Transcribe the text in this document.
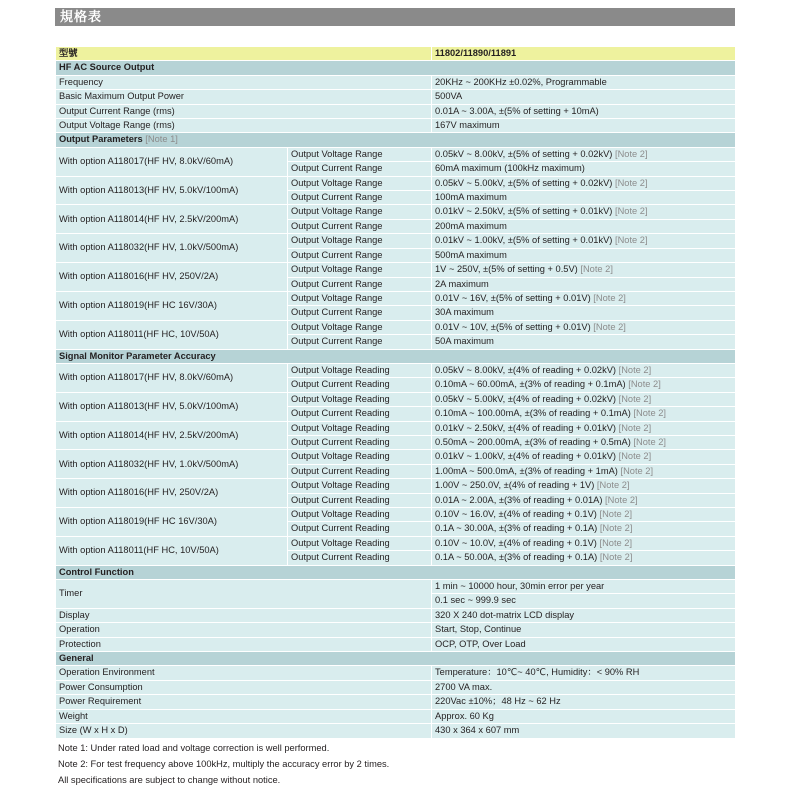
規格表
型號		11802/11890/11891
HF AC Source Output		
Frequency		20KHz ~ 200KHz ±0.02%, Programmable
Basic Maximum Output Power		500VA
Output Current Range (rms)		0.01A ~ 3.00A, ±(5% of setting + 10mA)
Output Voltage Range (rms)		167V maximum
Output Parameters [Note 1]		
With option A118017(HF HV, 8.0kV/60mA)	Output Voltage Range	0.05kV ~ 8.00kV, ±(5% of setting + 0.02kV) [Note 2]
	Output Current Range	60mA maximum (100kHz maximum)
With option A118013(HF HV, 5.0kV/100mA)	Output Voltage Range	0.05kV ~ 5.00kV, ±(5% of setting + 0.02kV) [Note 2]
	Output Current Range	100mA maximum
With option A118014(HF HV, 2.5kV/200mA)	Output Voltage Range	0.01kV ~ 2.50kV, ±(5% of setting + 0.01kV) [Note 2]
	Output Current Range	200mA maximum
With option A118032(HF HV, 1.0kV/500mA)	Output Voltage Range	0.01kV ~ 1.00kV, ±(5% of setting + 0.01kV) [Note 2]
	Output Current Range	500mA maximum
With option A118016(HF HV, 250V/2A)	Output Voltage Range	1V ~ 250V, ±(5% of setting + 0.5V) [Note 2]
	Output Current Range	2A maximum
With option A118019(HF HC 16V/30A)	Output Voltage Range	0.01V ~ 16V, ±(5% of setting + 0.01V) [Note 2]
	Output Current Range	30A maximum
With option A118011(HF HC, 10V/50A)	Output Voltage Range	0.01V ~ 10V, ±(5% of setting + 0.01V) [Note 2]
	Output Current Range	50A maximum
Signal Monitor Parameter Accuracy		
With option A118017(HF HV, 8.0kV/60mA)	Output Voltage Reading	0.05kV ~ 8.00kV, ±(4% of reading + 0.02kV) [Note 2]
	Output Current Reading	0.10mA ~ 60.00mA, ±(3% of reading + 0.1mA) [Note 2]
With option A118013(HF HV, 5.0kV/100mA)	Output Voltage Reading	0.05kV ~ 5.00kV, ±(4% of reading + 0.02kV) [Note 2]
	Output Current Reading	0.10mA ~ 100.00mA, ±(3% of reading + 0.1mA) [Note 2]
With option A118014(HF HV, 2.5kV/200mA)	Output Voltage Reading	0.01kV ~ 2.50kV, ±(4% of reading + 0.01kV) [Note 2]
	Output Current Reading	0.50mA ~ 200.00mA, ±(3% of reading + 0.5mA) [Note 2]
With option A118032(HF HV, 1.0kV/500mA)	Output Voltage Reading	0.01kV ~ 1.00kV, ±(4% of reading + 0.01kV) [Note 2]
	Output Current Reading	1.00mA ~ 500.0mA, ±(3% of reading + 1mA) [Note 2]
With option A118016(HF HV, 250V/2A)	Output Voltage Reading	1.00V ~ 250.0V, ±(4% of reading + 1V) [Note 2]
	Output Current Reading	0.01A ~ 2.00A, ±(3% of reading + 0.01A) [Note 2]
With option A118019(HF HC 16V/30A)	Output Voltage Reading	0.10V ~ 16.0V, ±(4% of reading + 0.1V) [Note 2]
	Output Current Reading	0.1A ~ 30.00A, ±(3% of reading + 0.1A) [Note 2]
With option A118011(HF HC, 10V/50A)	Output Voltage Reading	0.10V ~ 10.0V, ±(4% of reading + 0.1V) [Note 2]
	Output Current Reading	0.1A ~ 50.00A, ±(3% of reading + 0.1A) [Note 2]
Control Function		
Timer		1 min ~ 10000 hour, 30min error per year
		0.1 sec ~ 999.9 sec
Display		320 X 240 dot-matrix LCD display
Operation		Start, Stop, Continue
Protection		OCP, OTP, Over Load
General		
Operation Environment		Temperature：10℃~ 40℃, Humidity：< 90% RH
Power Consumption		2700 VA max.
Power Requirement		220Vac ±10%；48 Hz ~ 62 Hz
Weight		Approx. 60 Kg
Size (W x H x D)		430 x 364 x 607 mm
Note 1: Under rated load and voltage correction is well performed.
Note 2: For test frequency above 100kHz, multiply the accuracy error by 2 times.
All specifications are subject to change without notice.
